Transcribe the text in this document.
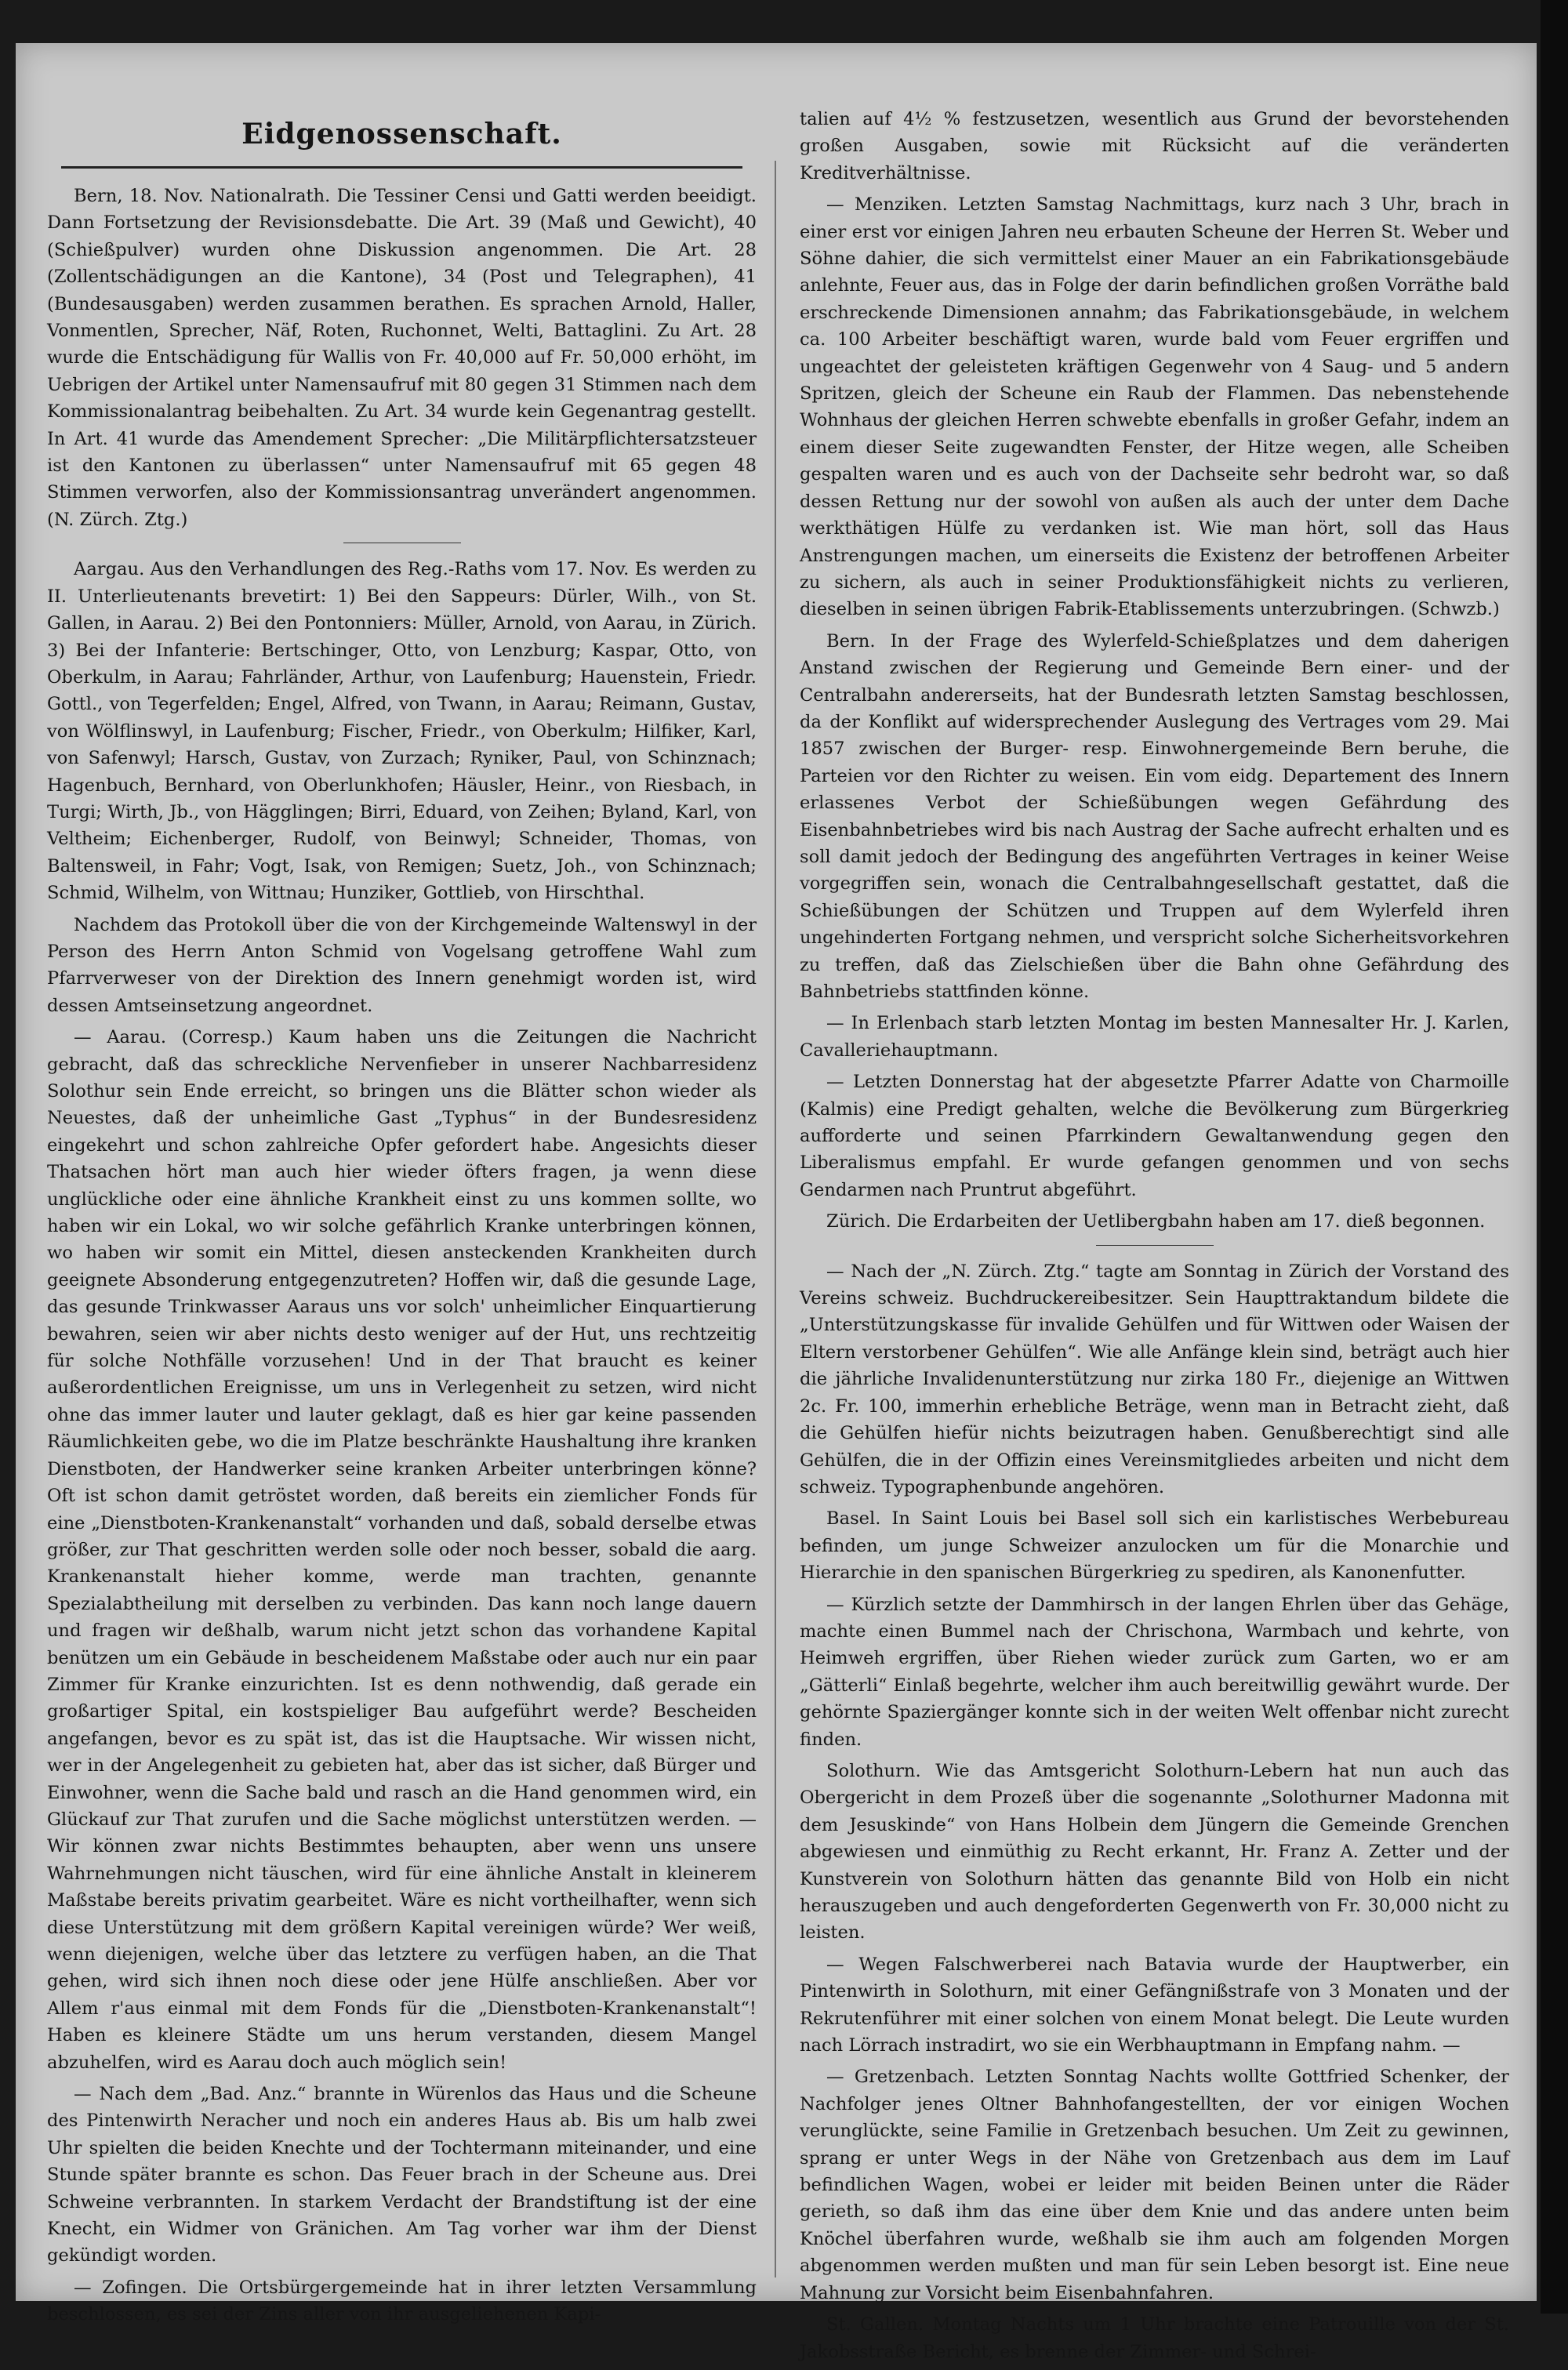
Eidgenossenschaft.

Bern, 18. Nov. Nationalrath. Die Tessiner Censi und Gatti werden beeidigt. Dann Fortsetzung der Revisionsdebatte. Die Art. 39 (Maß und Gewicht), 40 (Schießpulver) wurden ohne Diskussion angenommen. Die Art. 28 (Zollentschädigungen an die Kantone), 34 (Post und Telegraphen), 41 (Bundesausgaben) werden zusammen berathen. Es sprachen Arnold, Haller, Vonmentlen, Sprecher, Näf, Roten, Ruchonnet, Welti, Battaglini. Zu Art. 28 wurde die Entschädigung für Wallis von Fr. 40,000 auf Fr. 50,000 erhöht, im Uebrigen der Artikel unter Namensaufruf mit 80 gegen 31 Stimmen nach dem Kommissionalantrag beibehalten. Zu Art. 34 wurde kein Gegenantrag gestellt. In Art. 41 wurde das Amendement Sprecher: „Die Militärpflichtersatzsteuer ist den Kantonen zu überlassen“ unter Namensaufruf mit 65 gegen 48 Stimmen verworfen, also der Kommissionsantrag unverändert angenommen. (N. Zürch. Ztg.)

Aargau. Aus den Verhandlungen des Reg.-Raths vom 17. Nov. Es werden zu II. Unterlieutenants brevetirt: 1) Bei den Sappeurs: Dürler, Wilh., von St. Gallen, in Aarau. 2) Bei den Pontonniers: Müller, Arnold, von Aarau, in Zürich. 3) Bei der Infanterie: Bertschinger, Otto, von Lenzburg; Kaspar, Otto, von Oberkulm, in Aarau; Fahrländer, Arthur, von Laufenburg; Hauenstein, Friedr. Gottl., von Tegerfelden; Engel, Alfred, von Twann, in Aarau; Reimann, Gustav, von Wölflinswyl, in Laufenburg; Fischer, Friedr., von Oberkulm; Hilfiker, Karl, von Safenwyl; Harsch, Gustav, von Zurzach; Ryniker, Paul, von Schinznach; Hagenbuch, Bernhard, von Oberlunkhofen; Häusler, Heinr., von Riesbach, in Turgi; Wirth, Jb., von Hägglingen; Birri, Eduard, von Zeihen; Byland, Karl, von Veltheim; Eichenberger, Rudolf, von Beinwyl; Schneider, Thomas, von Baltensweil, in Fahr; Vogt, Isak, von Remigen; Suetz, Joh., von Schinznach; Schmid, Wilhelm, von Wittnau; Hunziker, Gottlieb, von Hirschthal.

Nachdem das Protokoll über die von der Kirchgemeinde Waltenswyl in der Person des Herrn Anton Schmid von Vogelsang getroffene Wahl zum Pfarrverweser von der Direktion des Innern genehmigt worden ist, wird dessen Amtseinsetzung angeordnet.

— Aarau. (Corresp.) Kaum haben uns die Zeitungen die Nachricht gebracht, daß das schreckliche Nervenfieber in unserer Nachbarresidenz Solothur sein Ende erreicht, so bringen uns die Blätter schon wieder als Neuestes, daß der unheimliche Gast „Typhus“ in der Bundesresidenz eingekehrt und schon zahlreiche Opfer gefordert habe. Angesichts dieser Thatsachen hört man auch hier wieder öfters fragen, ja wenn diese unglückliche oder eine ähnliche Krankheit einst zu uns kommen sollte, wo haben wir ein Lokal, wo wir solche gefährlich Kranke unterbringen können, wo haben wir somit ein Mittel, diesen ansteckenden Krankheiten durch geeignete Absonderung entgegenzutreten? Hoffen wir, daß die gesunde Lage, das gesunde Trinkwasser Aaraus uns vor solch' unheimlicher Einquartierung bewahren, seien wir aber nichts desto weniger auf der Hut, uns rechtzeitig für solche Nothfälle vorzusehen! Und in der That braucht es keiner außerordentlichen Ereignisse, um uns in Verlegenheit zu setzen, wird nicht ohne das immer lauter und lauter geklagt, daß es hier gar keine passenden Räumlichkeiten gebe, wo die im Platze beschränkte Haushaltung ihre kranken Dienstboten, der Handwerker seine kranken Arbeiter unterbringen könne? Oft ist schon damit getröstet worden, daß bereits ein ziemlicher Fonds für eine „Dienstboten-Krankenanstalt“ vorhanden und daß, sobald derselbe etwas größer, zur That geschritten werden solle oder noch besser, sobald die aarg. Krankenanstalt hieher komme, werde man trachten, genannte Spezialabtheilung mit derselben zu verbinden. Das kann noch lange dauern und fragen wir deßhalb, warum nicht jetzt schon das vorhandene Kapital benützen um ein Gebäude in bescheidenem Maßstabe oder auch nur ein paar Zimmer für Kranke einzurichten. Ist es denn nothwendig, daß gerade ein großartiger Spital, ein kostspieliger Bau aufgeführt werde? Bescheiden angefangen, bevor es zu spät ist, das ist die Hauptsache. Wir wissen nicht, wer in der Angelegenheit zu gebieten hat, aber das ist sicher, daß Bürger und Einwohner, wenn die Sache bald und rasch an die Hand genommen wird, ein Glückauf zur That zurufen und die Sache möglichst unterstützen werden. — Wir können zwar nichts Bestimmtes behaupten, aber wenn uns unsere Wahrnehmungen nicht täuschen, wird für eine ähnliche Anstalt in kleinerem Maßstabe bereits privatim gearbeitet. Wäre es nicht vortheilhafter, wenn sich diese Unterstützung mit dem größern Kapital vereinigen würde? Wer weiß, wenn diejenigen, welche über das letztere zu verfügen haben, an die That gehen, wird sich ihnen noch diese oder jene Hülfe anschließen. Aber vor Allem r'aus einmal mit dem Fonds für die „Dienstboten-Krankenanstalt“! Haben es kleinere Städte um uns herum verstanden, diesem Mangel abzuhelfen, wird es Aarau doch auch möglich sein!

— Nach dem „Bad. Anz.“ brannte in Würenlos das Haus und die Scheune des Pintenwirth Neracher und noch ein anderes Haus ab. Bis um halb zwei Uhr spielten die beiden Knechte und der Tochtermann miteinander, und eine Stunde später brannte es schon. Das Feuer brach in der Scheune aus. Drei Schweine verbrannten. In starkem Verdacht der Brandstiftung ist der eine Knecht, ein Widmer von Gränichen. Am Tag vorher war ihm der Dienst gekündigt worden.

— Zofingen. Die Ortsbürgergemeinde hat in ihrer letzten Versammlung beschlossen, es sei der Zins aller von ihr ausgeliehenen Kapi-

talien auf 4½ % festzusetzen, wesentlich aus Grund der bevorstehenden großen Ausgaben, sowie mit Rücksicht auf die veränderten Kreditverhältnisse.

— Menziken. Letzten Samstag Nachmittags, kurz nach 3 Uhr, brach in einer erst vor einigen Jahren neu erbauten Scheune der Herren St. Weber und Söhne dahier, die sich vermittelst einer Mauer an ein Fabrikationsgebäude anlehnte, Feuer aus, das in Folge der darin befindlichen großen Vorräthe bald erschreckende Dimensionen annahm; das Fabrikationsgebäude, in welchem ca. 100 Arbeiter beschäftigt waren, wurde bald vom Feuer ergriffen und ungeachtet der geleisteten kräftigen Gegenwehr von 4 Saug- und 5 andern Spritzen, gleich der Scheune ein Raub der Flammen. Das nebenstehende Wohnhaus der gleichen Herren schwebte ebenfalls in großer Gefahr, indem an einem dieser Seite zugewandten Fenster, der Hitze wegen, alle Scheiben gespalten waren und es auch von der Dachseite sehr bedroht war, so daß dessen Rettung nur der sowohl von außen als auch der unter dem Dache werkthätigen Hülfe zu verdanken ist. Wie man hört, soll das Haus Anstrengungen machen, um einerseits die Existenz der betroffenen Arbeiter zu sichern, als auch in seiner Produktionsfähigkeit nichts zu verlieren, dieselben in seinen übrigen Fabrik-Etablissements unterzubringen. (Schwzb.)

Bern. In der Frage des Wylerfeld-Schießplatzes und dem daherigen Anstand zwischen der Regierung und Gemeinde Bern einer- und der Centralbahn andererseits, hat der Bundesrath letzten Samstag beschlossen, da der Konflikt auf widersprechender Auslegung des Vertrages vom 29. Mai 1857 zwischen der Burger- resp. Einwohnergemeinde Bern beruhe, die Parteien vor den Richter zu weisen. Ein vom eidg. Departement des Innern erlassenes Verbot der Schießübungen wegen Gefährdung des Eisenbahnbetriebes wird bis nach Austrag der Sache aufrecht erhalten und es soll damit jedoch der Bedingung des angeführten Vertrages in keiner Weise vorgegriffen sein, wonach die Centralbahngesellschaft gestattet, daß die Schießübungen der Schützen und Truppen auf dem Wylerfeld ihren ungehinderten Fortgang nehmen, und verspricht solche Sicherheitsvorkehren zu treffen, daß das Zielschießen über die Bahn ohne Gefährdung des Bahnbetriebs stattfinden könne.

— In Erlenbach starb letzten Montag im besten Mannesalter Hr. J. Karlen, Cavalleriehauptmann.

— Letzten Donnerstag hat der abgesetzte Pfarrer Adatte von Charmoille (Kalmis) eine Predigt gehalten, welche die Bevölkerung zum Bürgerkrieg aufforderte und seinen Pfarrkindern Gewaltanwendung gegen den Liberalismus empfahl. Er wurde gefangen genommen und von sechs Gendarmen nach Pruntrut abgeführt.

Zürich. Die Erdarbeiten der Uetlibergbahn haben am 17. dieß begonnen.

— Nach der „N. Zürch. Ztg.“ tagte am Sonntag in Zürich der Vorstand des Vereins schweiz. Buchdruckereibesitzer. Sein Haupttraktandum bildete die „Unterstützungskasse für invalide Gehülfen und für Wittwen oder Waisen der Eltern verstorbener Gehülfen“. Wie alle Anfänge klein sind, beträgt auch hier die jährliche Invalidenunterstützung nur zirka 180 Fr., diejenige an Wittwen 2c. Fr. 100, immerhin erhebliche Beträge, wenn man in Betracht zieht, daß die Gehülfen hiefür nichts beizutragen haben. Genußberechtigt sind alle Gehülfen, die in der Offizin eines Vereinsmitgliedes arbeiten und nicht dem schweiz. Typographenbunde angehören.

Basel. In Saint Louis bei Basel soll sich ein karlistisches Werbebureau befinden, um junge Schweizer anzulocken um für die Monarchie und Hierarchie in den spanischen Bürgerkrieg zu spediren, als Kanonenfutter.

— Kürzlich setzte der Dammhirsch in der langen Ehrlen über das Gehäge, machte einen Bummel nach der Chrischona, Warmbach und kehrte, von Heimweh ergriffen, über Riehen wieder zurück zum Garten, wo er am „Gätterli“ Einlaß begehrte, welcher ihm auch bereitwillig gewährt wurde. Der gehörnte Spaziergänger konnte sich in der weiten Welt offenbar nicht zurecht finden.

Solothurn. Wie das Amtsgericht Solothurn-Lebern hat nun auch das Obergericht in dem Prozeß über die sogenannte „Solothurner Madonna mit dem Jesuskinde“ von Hans Holbein dem Jüngern die Gemeinde Grenchen abgewiesen und einmüthig zu Recht erkannt, Hr. Franz A. Zetter und der Kunstverein von Solothurn hätten das genannte Bild von Holb ein nicht herauszugeben und auch dengeforderten Gegenwerth von Fr. 30,000 nicht zu leisten.

— Wegen Falschwerberei nach Batavia wurde der Hauptwerber, ein Pintenwirth in Solothurn, mit einer Gefängnißstrafe von 3 Monaten und der Rekrutenführer mit einer solchen von einem Monat belegt. Die Leute wurden nach Lörrach instradirt, wo sie ein Werbhauptmann in Empfang nahm. —

— Gretzenbach. Letzten Sonntag Nachts wollte Gottfried Schenker, der Nachfolger jenes Oltner Bahnhofangestellten, der vor einigen Wochen verunglückte, seine Familie in Gretzenbach besuchen. Um Zeit zu gewinnen, sprang er unter Wegs in der Nähe von Gretzenbach aus dem im Lauf befindlichen Wagen, wobei er leider mit beiden Beinen unter die Räder gerieth, so daß ihm das eine über dem Knie und das andere unten beim Knöchel überfahren wurde, weßhalb sie ihm auch am folgenden Morgen abgenommen werden mußten und man für sein Leben besorgt ist. Eine neue Mahnung zur Vorsicht beim Eisenbahnfahren.

St. Gallen. Montag Nachts um 1 Uhr brachte eine Patrouille von der St. Jakobsstraße Bericht, es brenne der Zimmer- und Schrei-
